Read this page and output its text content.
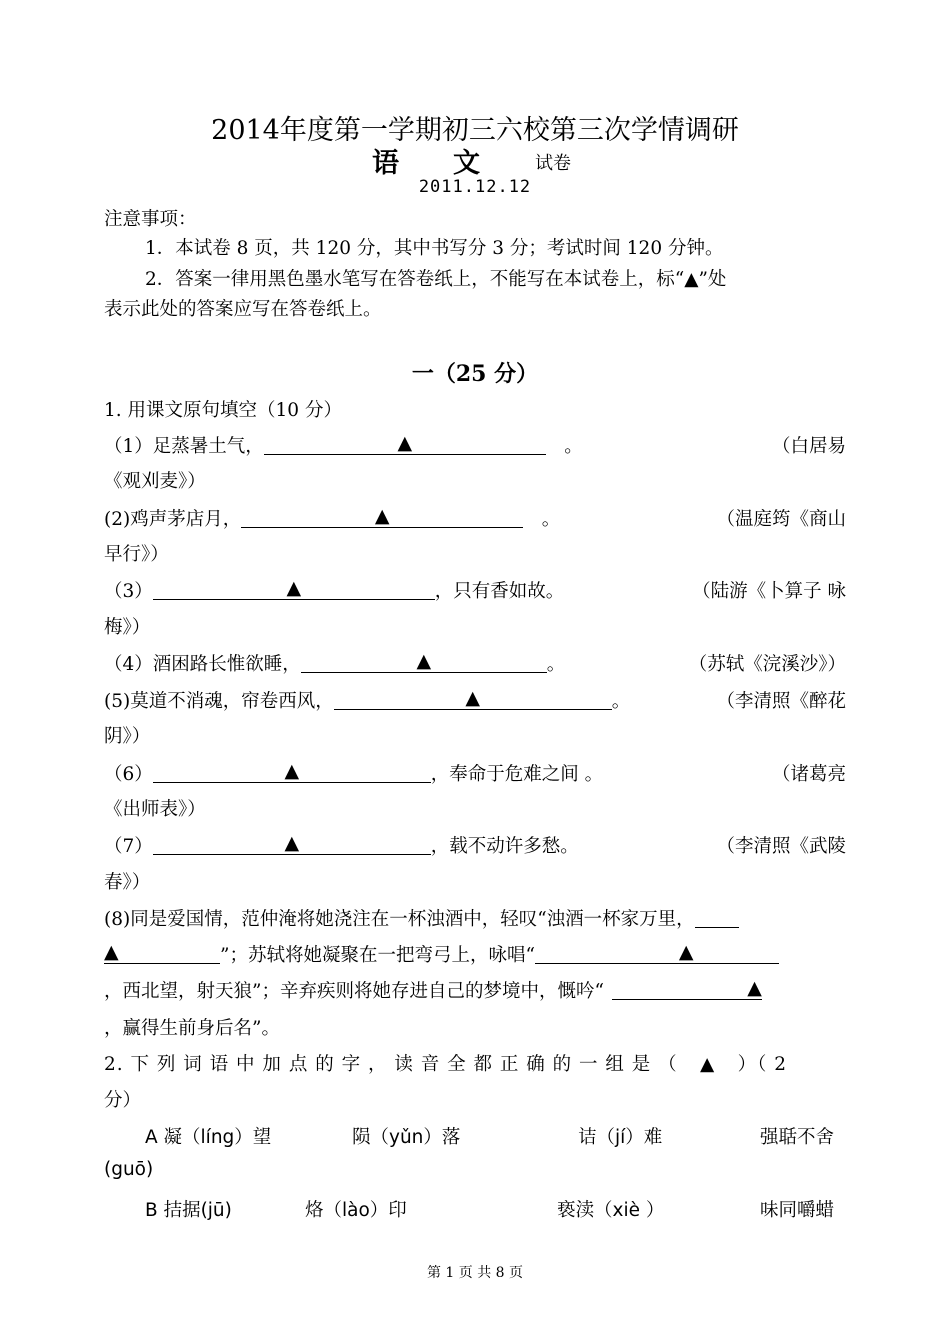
2014年度第一学期初三六校第三次学情调研
语　　文	试卷
2011.12.12
注意事项：
1．本试卷 8 页，共 120 分，其中书写分 3 分；考试时间 120 分钟。
2．答案一律用黑色墨水笔写在答卷纸上，不能写在本试卷上，标“▲”处
表示此处的答案应写在答卷纸上。
一（25 分）
1. 用课文原句填空（10 分）
（1）足蒸暑土气，	▲	　。	（白居易
《观刈麦》）
(2)鸡声茅店月，	▲	　。	（温庭筠《商山
早行》）
（3）	▲	，只有香如故。	（陆游《卜算子 咏
梅》）
（4）酒困路长惟欲睡，	▲	。	（苏轼《浣溪沙》）
(5)莫道不消魂，帘卷西风，	▲	。	（李清照《醉花
阴》）
（6）	▲	，奉命于危难之间 。	（诸葛亮
《出师表》）
（7）	▲	，载不动许多愁。	（李清照《武陵
春》）
(8)同是爱国情，范仲淹将她浇注在一杯浊酒中，轻叹“浊酒一杯家万里，
▲	”；苏轼将她凝聚在一把弯弓上，咏唱“	▲
，西北望，射天狼”；辛弃疾则将她存进自己的梦境中，慨吟“	▲
，赢得生前身后名”。
2. 下 列 词 语 中 加 点 的 字 ， 读 音 全 都 正 确 的 一 组 是 （ ▲ ）（ 2
分）
A 凝（líng）望	陨（yǔn）落	诘（jí）难	强聒不舍
(guō)
B 拮据(jū)	烙（lào）印	亵渎（xiè ）	味同嚼蜡
第 1 页 共 8 页
